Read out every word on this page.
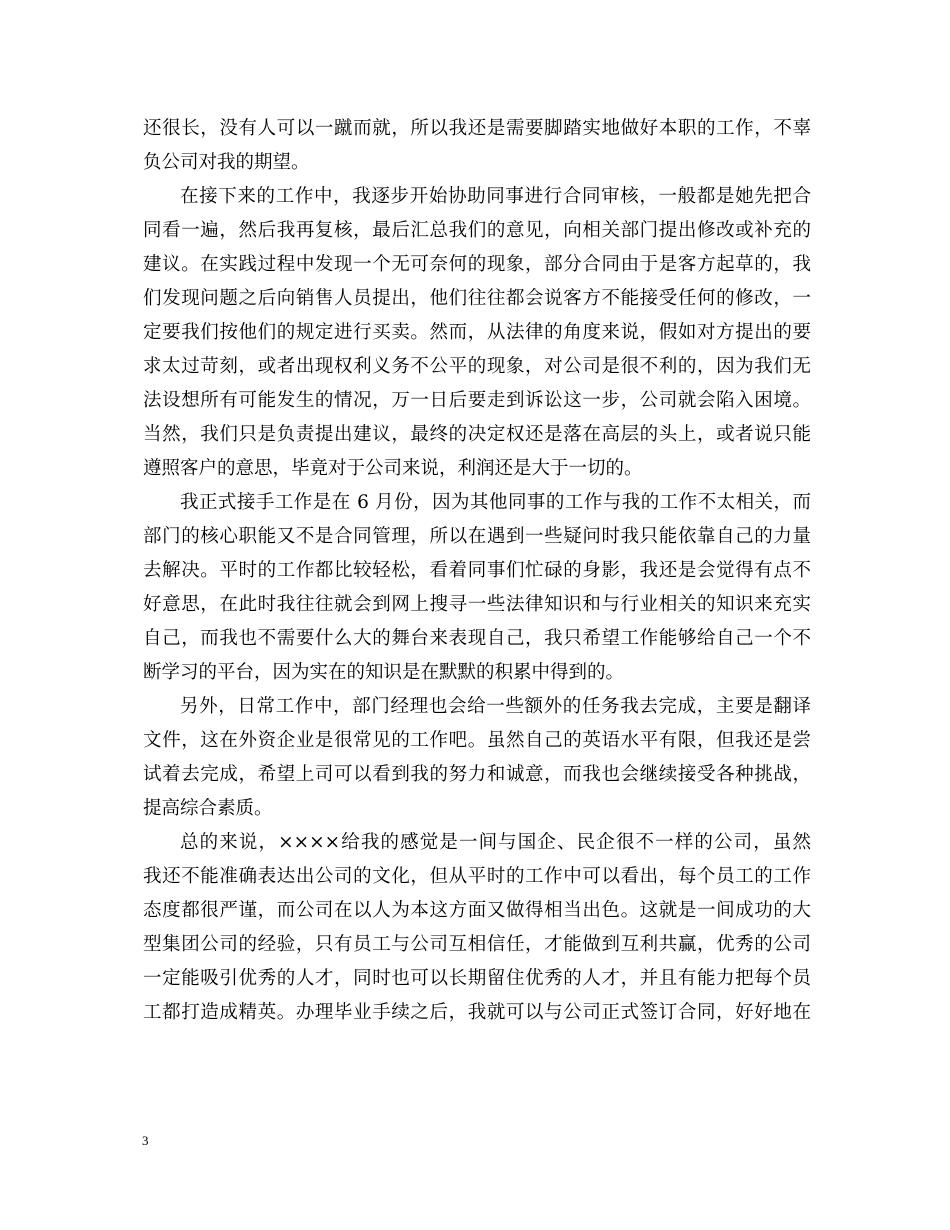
还很长，没有人可以一蹴而就，所以我还是需要脚踏实地做好本职的工作，不辜
负公司对我的期望。
在接下来的工作中，我逐步开始协助同事进行合同审核，一般都是她先把合
同看一遍，然后我再复核，最后汇总我们的意见，向相关部门提出修改或补充的
建议。在实践过程中发现一个无可奈何的现象，部分合同由于是客方起草的，我
们发现问题之后向销售人员提出，他们往往都会说客方不能接受任何的修改，一
定要我们按他们的规定进行买卖。然而，从法律的角度来说，假如对方提出的要
求太过苛刻，或者出现权利义务不公平的现象，对公司是很不利的，因为我们无
法设想所有可能发生的情况，万一日后要走到诉讼这一步，公司就会陷入困境。
当然，我们只是负责提出建议，最终的决定权还是落在高层的头上，或者说只能
遵照客户的意思，毕竟对于公司来说，利润还是大于一切的。
我正式接手工作是在 6 月份，因为其他同事的工作与我的工作不太相关，而
部门的核心职能又不是合同管理，所以在遇到一些疑问时我只能依靠自己的力量
去解决。平时的工作都比较轻松，看着同事们忙碌的身影，我还是会觉得有点不
好意思，在此时我往往就会到网上搜寻一些法律知识和与行业相关的知识来充实
自己，而我也不需要什么大的舞台来表现自己，我只希望工作能够给自己一个不
断学习的平台，因为实在的知识是在默默的积累中得到的。
另外，日常工作中，部门经理也会给一些额外的任务我去完成，主要是翻译
文件，这在外资企业是很常见的工作吧。虽然自己的英语水平有限，但我还是尝
试着去完成，希望上司可以看到我的努力和诚意，而我也会继续接受各种挑战，
提高综合素质。
总的来说，××××给我的感觉是一间与国企、民企很不一样的公司，虽然
我还不能准确表达出公司的文化，但从平时的工作中可以看出，每个员工的工作
态度都很严谨，而公司在以人为本这方面又做得相当出色。这就是一间成功的大
型集团公司的经验，只有员工与公司互相信任，才能做到互利共赢，优秀的公司
一定能吸引优秀的人才，同时也可以长期留住优秀的人才，并且有能力把每个员
工都打造成精英。办理毕业手续之后，我就可以与公司正式签订合同，好好地在
3
